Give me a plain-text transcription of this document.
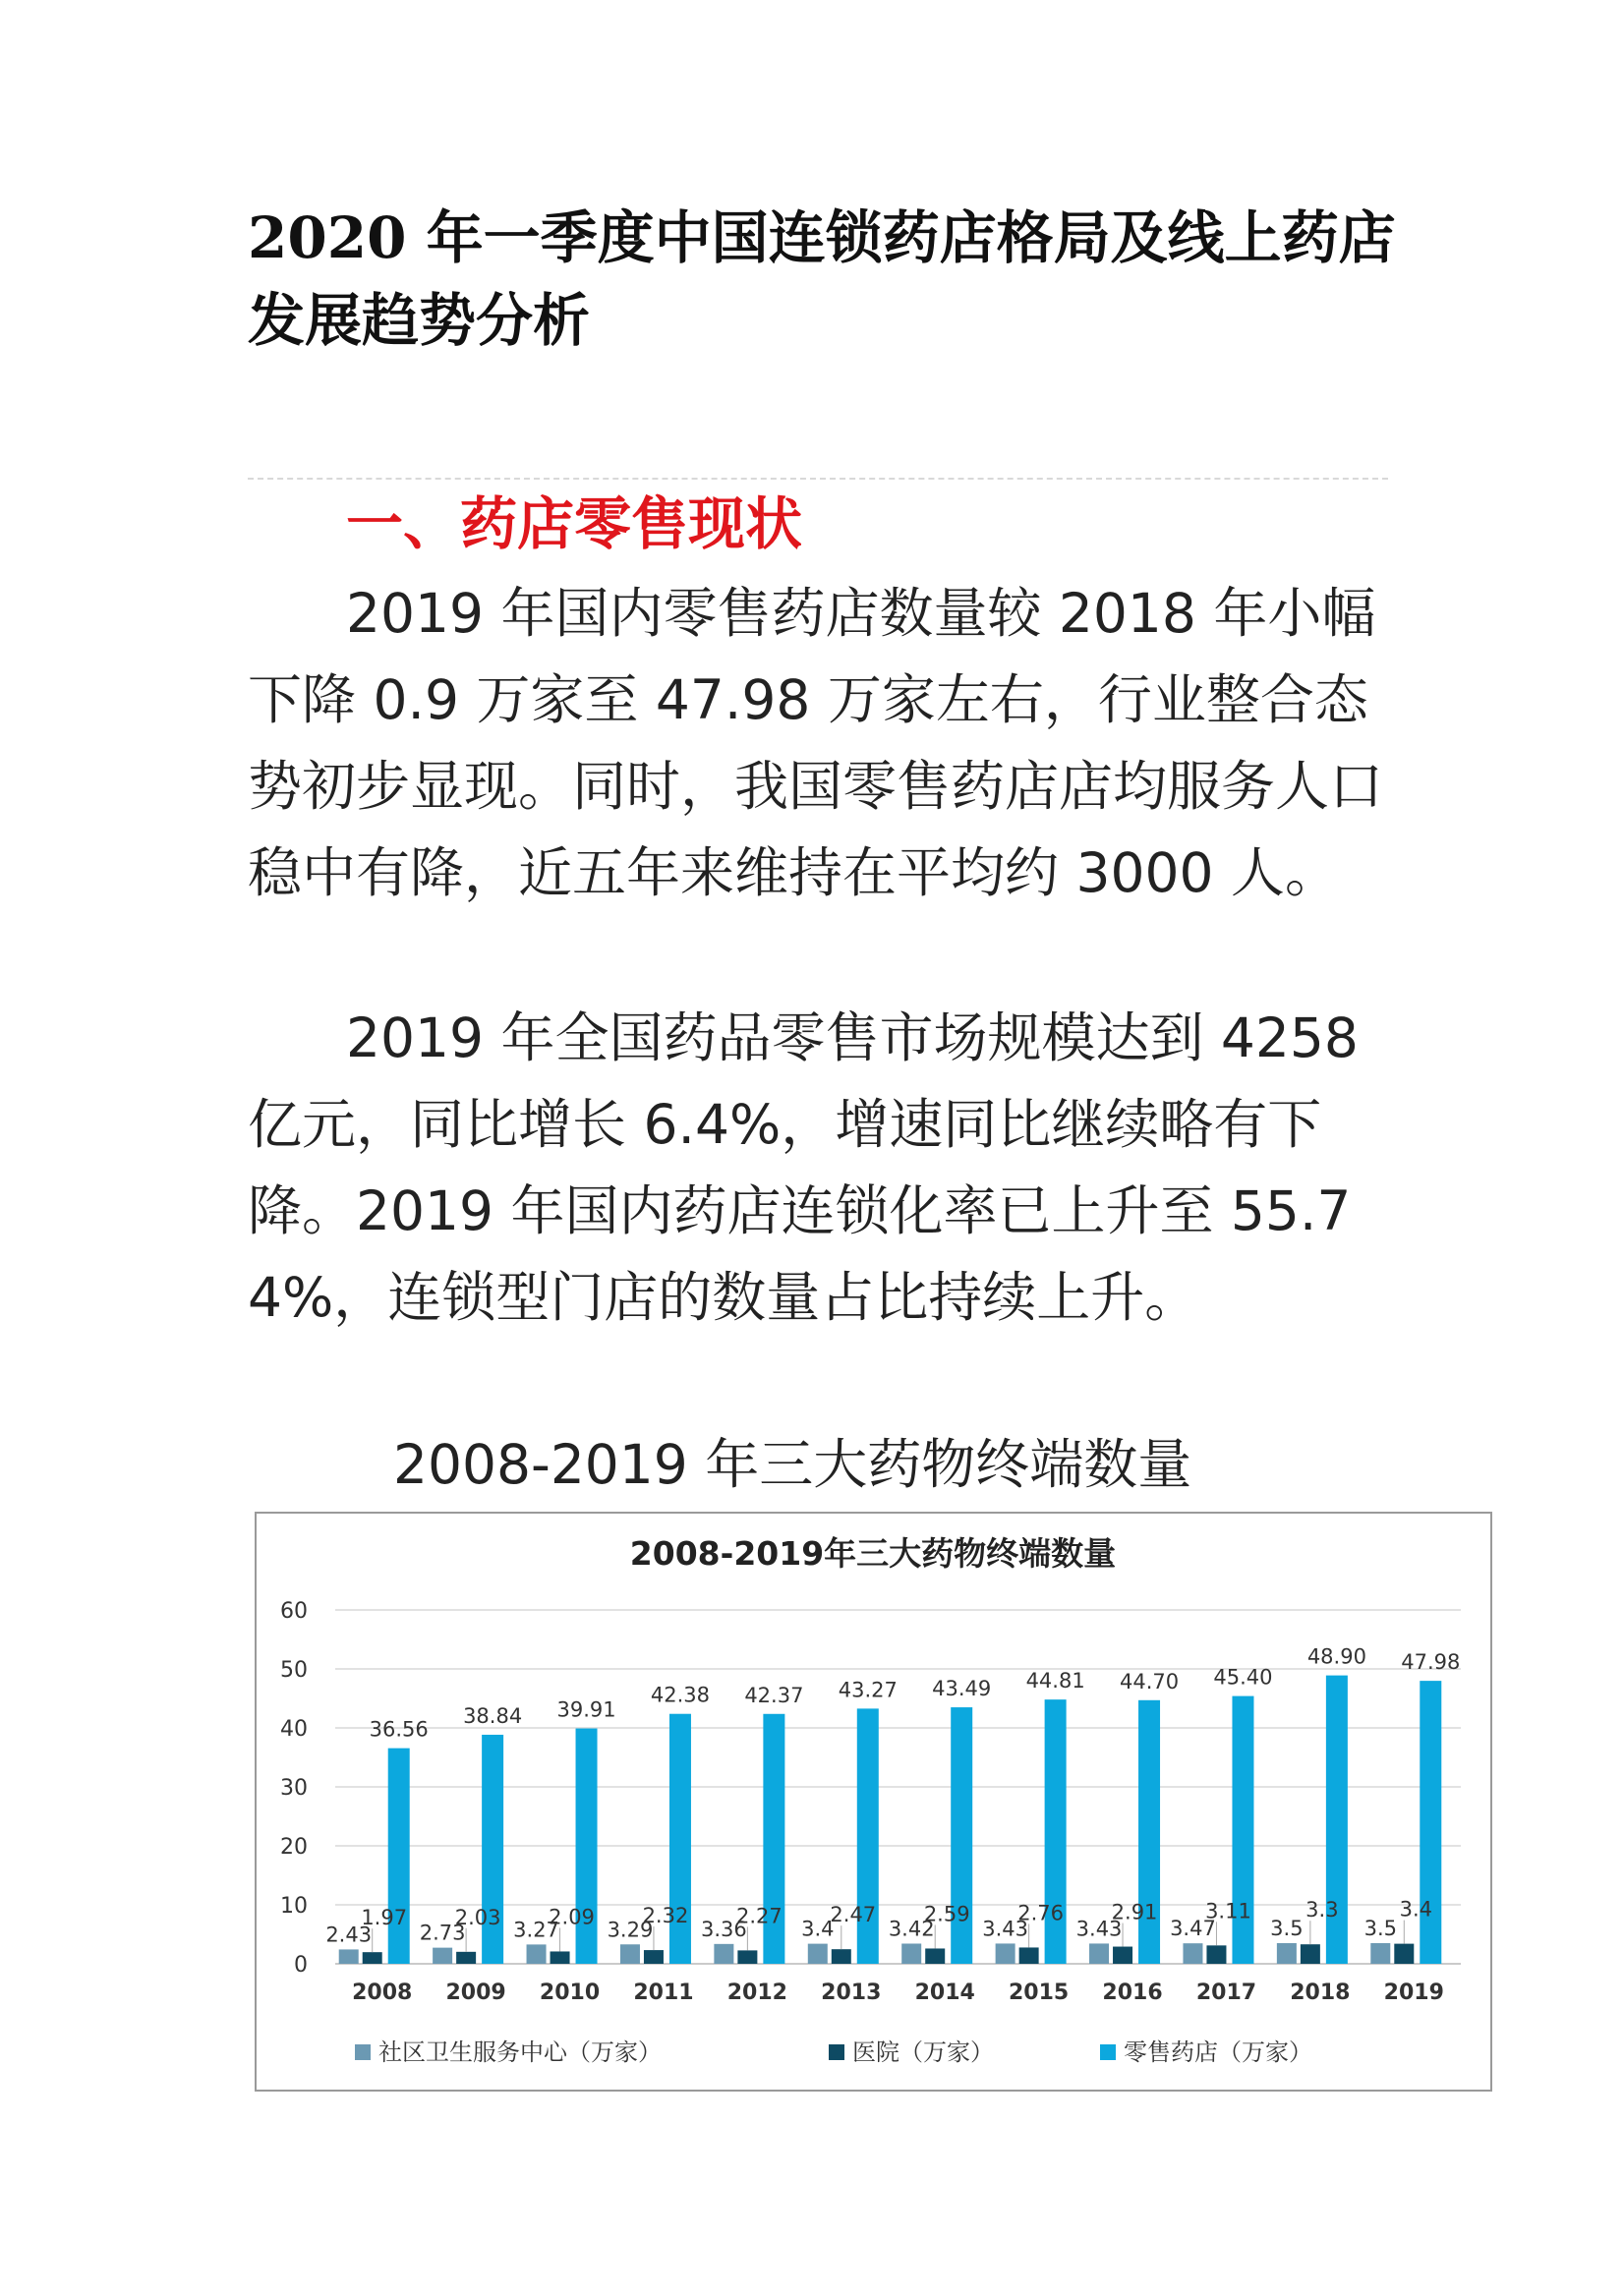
2020 年一季度中国连锁药店格局及线上药店发展趋势分析
一、药店零售现状

2019 年国内零售药店数量较 2018 年小幅下降 0.9 万家至 47.98 万家左右，行业整合态势初步显现。同时，我国零售药店店均服务人口稳中有降，近五年来维持在平均约 3000 人。

2019 年全国药品零售市场规模达到 4258 亿元，同比增长 6.4%，增速同比继续略有下降。2019 年国内药店连锁化率已上升至 55.74%，连锁型门店的数量占比持续上升。

2008-2019 年三大药物终端数量

2008-2019年三大药物终端数量
0
10
20
30
40
50
60
2008
2.43
1.97
36.56
2009
2.73
2.03
38.84
2010
3.27
2.09
39.91
2011
3.29
2.32
42.38
2012
3.36
2.27
42.37
2013
3.4
2.47
43.27
2014
3.42
2.59
43.49
2015
3.43
2.76
44.81
2016
3.43
2.91
44.70
2017
3.47
3.11
45.40
2018
3.5
3.3
48.90
2019
3.5
3.4
47.98
社区卫生服务中心（万家）	医院（万家）	零售药店（万家）
